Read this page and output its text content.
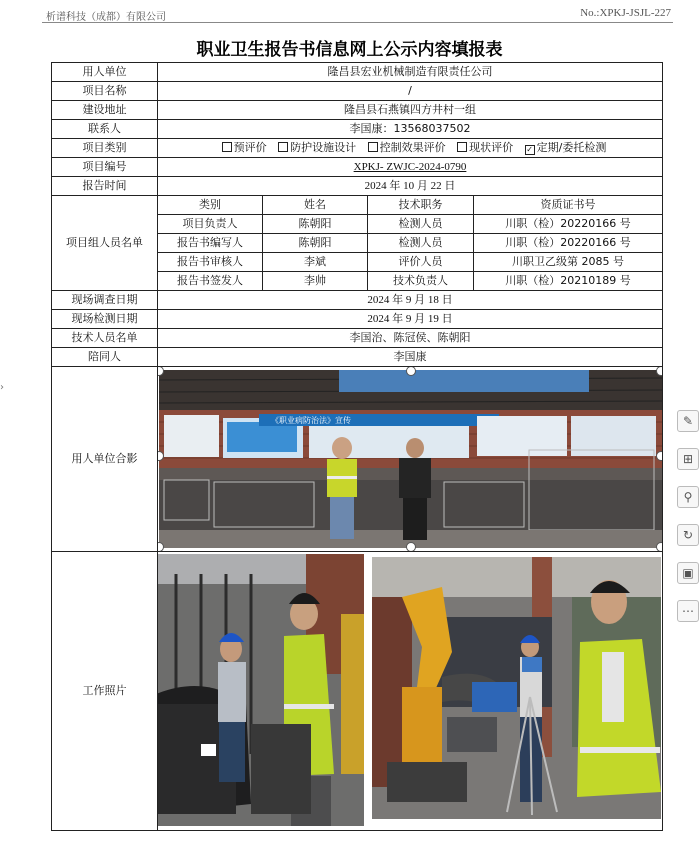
析谱科技（成都）有限公司	No.:XPKJ-JSJL-227
职业卫生报告书信息网上公示内容填报表
›
用人单位	隆昌县宏业机械制造有限责任公司			
项目名称	/			
建设地址	隆昌县石燕镇四方井村一组			
联系人	李国康：13568037502			
项目类别	预评价 防护设施设计 控制效果评价 现状评价 ✓ 定期/委托检测			
项目编号	XPKJ- ZWJC-2024-0790			
报告时间	2024 年 10 月 22 日			
项目组人员名单	类别	姓名	技术职务	资质证书号
	项目负责人	陈朝阳	检测人员	川职（检）20220166 号
	报告书编写人	陈朝阳	检测人员	川职（检）20220166 号
	报告书审核人	李斌	评价人员	川职卫乙级第 2085 号
	报告书签发人	李帅	技术负责人	川职（检）20210189 号
现场调查日期	2024 年 9 月 18 日			
现场检测日期	2024 年 9 月 19 日			
技术人员名单	李国治、陈冠侯、陈朝阳			
陪同人	李国康			
用人单位合影	《职业病防治法》宣传			

工作照片	
✎
⊞
⚲
↻
▣
⋯
